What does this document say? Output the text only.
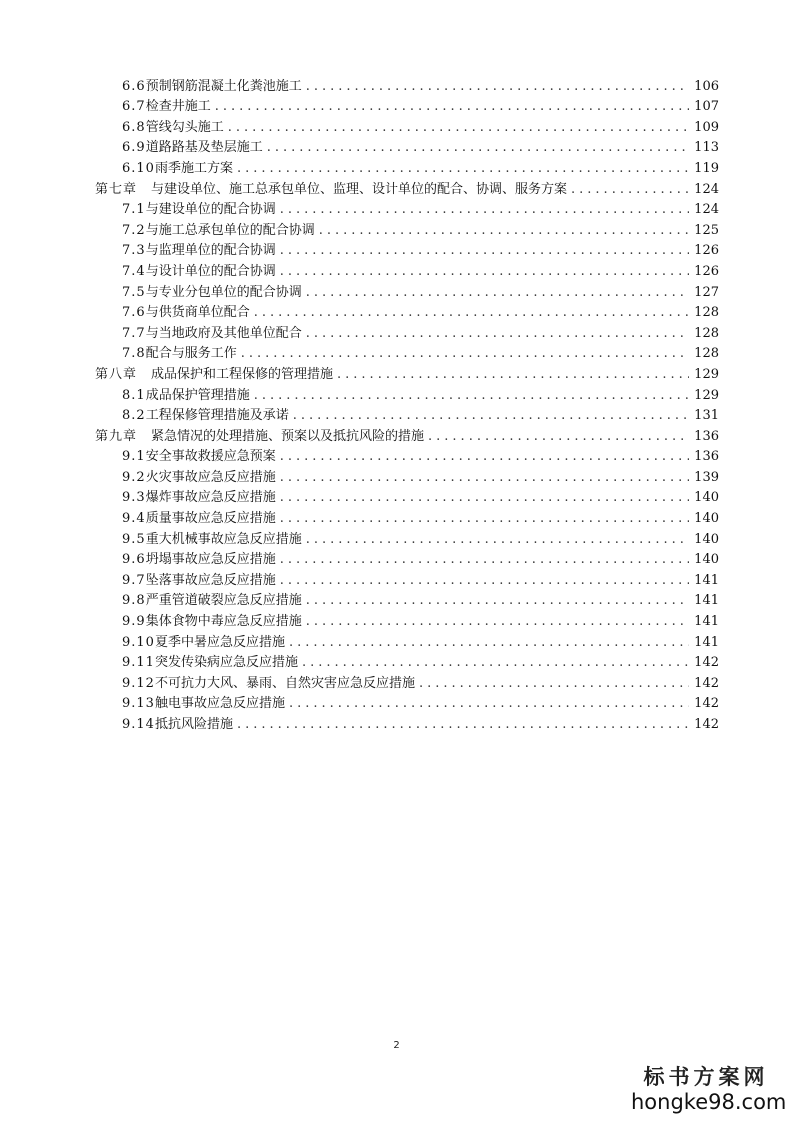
6.6 预制钢筋混凝土化粪池施工 .....	106
6.7 检查井施工 .....	107
6.8 管线勾头施工 .....	109
6.9 道路路基及垫层施工 .....	113
6.10 雨季施工方案 .....	119
第七章 与建设单位、施工总承包单位、监理、设计单位的配合、协调、服务方案 .....	124
7.1 与建设单位的配合协调 .....	124
7.2 与施工总承包单位的配合协调 .....	125
7.3 与监理单位的配合协调 .....	126
7.4 与设计单位的配合协调 .....	126
7.5 与专业分包单位的配合协调 .....	127
7.6 与供货商单位配合 .....	128
7.7 与当地政府及其他单位配合 .....	128
7.8 配合与服务工作 .....	128
第八章 成品保护和工程保修的管理措施 .....	129
8.1 成品保护管理措施 .....	129
8.2 工程保修管理措施及承诺 .....	131
第九章 紧急情况的处理措施、预案以及抵抗风险的措施 .....	136
9.1 安全事故救援应急预案 .....	136
9.2 火灾事故应急反应措施 .....	139
9.3 爆炸事故应急反应措施 .....	140
9.4 质量事故应急反应措施 .....	140
9.5 重大机械事故应急反应措施 .....	140
9.6 坍塌事故应急反应措施 .....	140
9.7 坠落事故应急反应措施 .....	141
9.8 严重管道破裂应急反应措施 .....	141
9.9 集体食物中毒应急反应措施 .....	141
9.10 夏季中暑应急反应措施 .....	141
9.11 突发传染病应急反应措施 .....	142
9.12 不可抗力大风、暴雨、自然灾害应急反应措施 .....	142
9.13 触电事故应急反应措施 .....	142
9.14 抵抗风险措施 .....	142
2
标书方案网
hongke98.com
